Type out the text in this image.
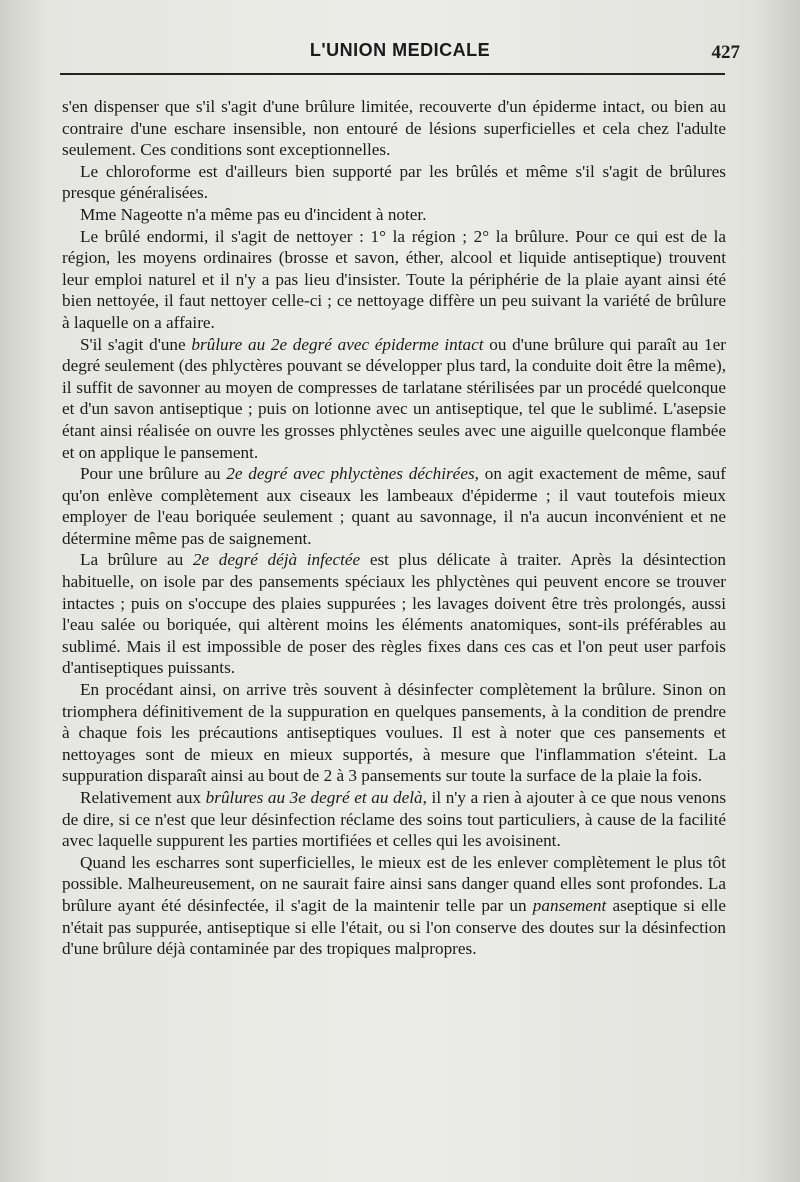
L'UNION MEDICALE	427

s'en dispenser que s'il s'agit d'une brûlure limitée, recouverte d'un épiderme intact, ou bien au contraire d'une eschare insensible, non entouré de lésions superficielles et cela chez l'adulte seulement. Ces conditions sont exceptionnelles.

Le chloroforme est d'ailleurs bien supporté par les brûlés et même s'il s'agit de brûlures presque généralisées.

Mme Nageotte n'a même pas eu d'incident à noter.

Le brûlé endormi, il s'agit de nettoyer : 1° la région ; 2° la brûlure. Pour ce qui est de la région, les moyens ordinaires (brosse et savon, éther, alcool et liquide antiseptique) trouvent leur emploi naturel et il n'y a pas lieu d'insister. Toute la périphérie de la plaie ayant ainsi été bien nettoyée, il faut nettoyer celle-ci ; ce nettoyage diffère un peu suivant la variété de brûlure à laquelle on a affaire.

S'il s'agit d'une brûlure au 2e degré avec épiderme intact ou d'une brûlure qui paraît au 1er degré seulement (des phlyctères pouvant se développer plus tard, la conduite doit être la même), il suffit de savonner au moyen de compresses de tarlatane stérilisées par un procédé quelconque et d'un savon antiseptique ; puis on lotionne avec un antiseptique, tel que le sublimé. L'asepsie étant ainsi réalisée on ouvre les grosses phlyctènes seules avec une aiguille quelconque flambée et on applique le pansement.

Pour une brûlure au 2e degré avec phlyctènes déchirées, on agit exactement de même, sauf qu'on enlève complètement aux ciseaux les lambeaux d'épiderme ; il vaut toutefois mieux employer de l'eau boriquée seulement ; quant au savonnage, il n'a aucun inconvénient et ne détermine même pas de saignement.

La brûlure au 2e degré déjà infectée est plus délicate à traiter. Après la désintection habituelle, on isole par des pansements spéciaux les phlyctènes qui peuvent encore se trouver intactes ; puis on s'occupe des plaies suppurées ; les lavages doivent être très prolongés, aussi l'eau salée ou boriquée, qui altèrent moins les éléments anatomiques, sont-ils préférables au sublimé. Mais il est impossible de poser des règles fixes dans ces cas et l'on peut user parfois d'antiseptiques puissants.

En procédant ainsi, on arrive très souvent à désinfecter complètement la brûlure. Sinon on triomphera définitivement de la suppuration en quelques pansements, à la condition de prendre à chaque fois les précautions antiseptiques voulues. Il est à noter que ces pansements et nettoyages sont de mieux en mieux supportés, à mesure que l'inflammation s'éteint. La suppuration disparaît ainsi au bout de 2 à 3 pansements sur toute la surface de la plaie la fois.

Relativement aux brûlures au 3e degré et au delà, il n'y a rien à ajouter à ce que nous venons de dire, si ce n'est que leur désinfection réclame des soins tout particuliers, à cause de la facilité avec laquelle suppurent les parties mortifiées et celles qui les avoisinent.

Quand les escharres sont superficielles, le mieux est de les enlever complètement le plus tôt possible. Malheureusement, on ne saurait faire ainsi sans danger quand elles sont profondes. La brûlure ayant été désinfectée, il s'agit de la maintenir telle par un pansement aseptique si elle n'était pas suppurée, antiseptique si elle l'était, ou si l'on conserve des doutes sur la désinfection d'une brûlure déjà contaminée par des tropiques malpropres.
